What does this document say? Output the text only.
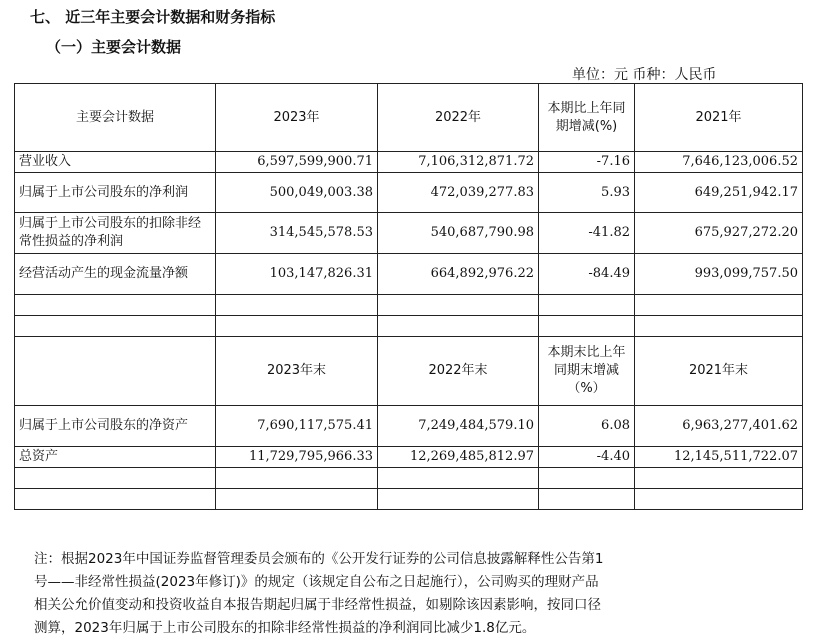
七、 近三年主要会计数据和财务指标
（一）主要会计数据
单位：元 币种：人民币
主要会计数据	2023年	2022年	本期比上年同期增减(%)	2021年
营业收入	6,597,599,900.71	7,106,312,871.72	-7.16	7,646,123,006.52
归属于上市公司股东的净利润	500,049,003.38	472,039,277.83	5.93	649,251,942.17
归属于上市公司股东的扣除非经常性损益的净利润	314,545,578.53	540,687,790.98	-41.82	675,927,272.20
经营活动产生的现金流量净额	103,147,826.31	664,892,976.22	-84.49	993,099,757.50

	2023年末	2022年末	本期末比上年同期末增减（%）	2021年末
归属于上市公司股东的净资产	7,690,117,575.41	7,249,484,579.10	6.08	6,963,277,401.62
总资产	11,729,795,966.33	12,269,485,812.97	-4.40	12,145,511,722.07

注：根据2023年中国证券监督管理委员会颁布的《公开发行证券的公司信息披露解释性公告第1

号——非经常性损益(2023年修订)》的规定（该规定自公布之日起施行），公司购买的理财产品

相关公允价值变动和投资收益自本报告期起归属于非经常性损益，如剔除该因素影响，按同口径

测算，2023年归属于上市公司股东的扣除非经常性损益的净利润同比减少1.8亿元。
